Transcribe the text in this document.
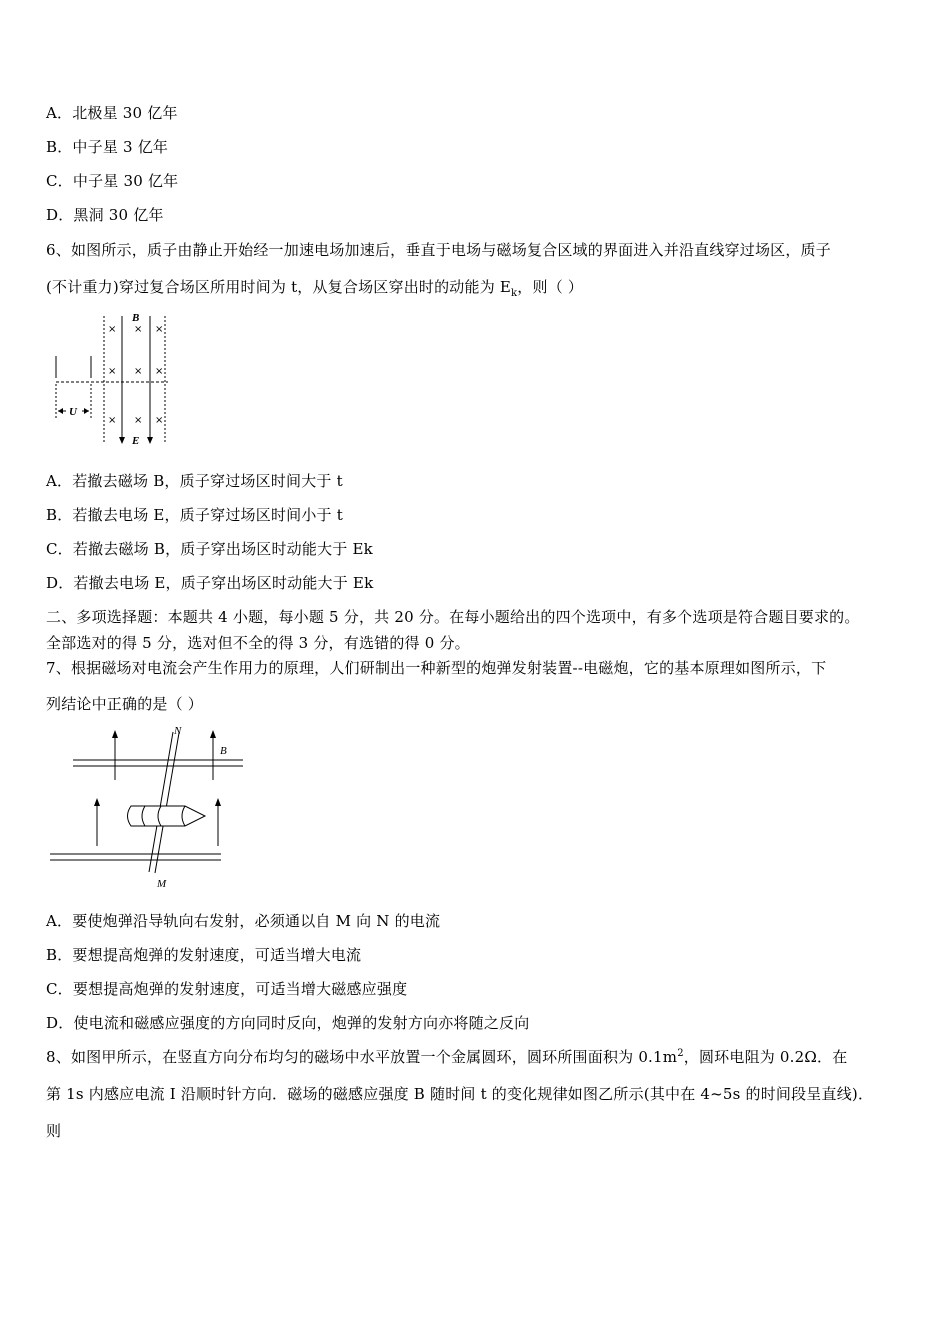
A．北极星 30 亿年
B．中子星 3 亿年
C．中子星 30 亿年
D．黑洞 30 亿年
6、如图所示，质子由静止开始经一加速电场加速后，垂直于电场与磁场复合区域的界面进入并沿直线穿过场区，质子
(不计重力)穿过复合场区所用时间为 t，从复合场区穿出时的动能为 $E_k$，则（ ）
B
E
U
× × ×
× × ×
× × ×
A．若撤去磁场 B，质子穿过场区时间大于 t
B．若撤去电场 E，质子穿过场区时间小于 t
C．若撤去磁场 B，质子穿出场区时动能大于 Ek
D．若撤去电场 E，质子穿出场区时动能大于 Ek
二、多项选择题：本题共 4 小题，每小题 5 分，共 20 分。在每小题给出的四个选项中，有多个选项是符合题目要求的。
全部选对的得 5 分，选对但不全的得 3 分，有选错的得 0 分。
7、根据磁场对电流会产生作用力的原理，人们研制出一种新型的炮弹发射装置--电磁炮，它的基本原理如图所示，下
列结论中正确的是（ ）
N
M
B
A．要使炮弹沿导轨向右发射，必须通以自 M 向 N 的电流
B．要想提高炮弹的发射速度，可适当增大电流
C．要想提高炮弹的发射速度，可适当增大磁感应强度
D．使电流和磁感应强度的方向同时反向，炮弹的发射方向亦将随之反向
8、如图甲所示，在竖直方向分布均匀的磁场中水平放置一个金属圆环，圆环所围面积为 $0.1m^2$，圆环电阻为 0.2Ω．在
第 1s 内感应电流 I 沿顺时针方向．磁场的磁感应强度 B 随时间 t 的变化规律如图乙所示(其中在 4~5s 的时间段呈直线)．
则
